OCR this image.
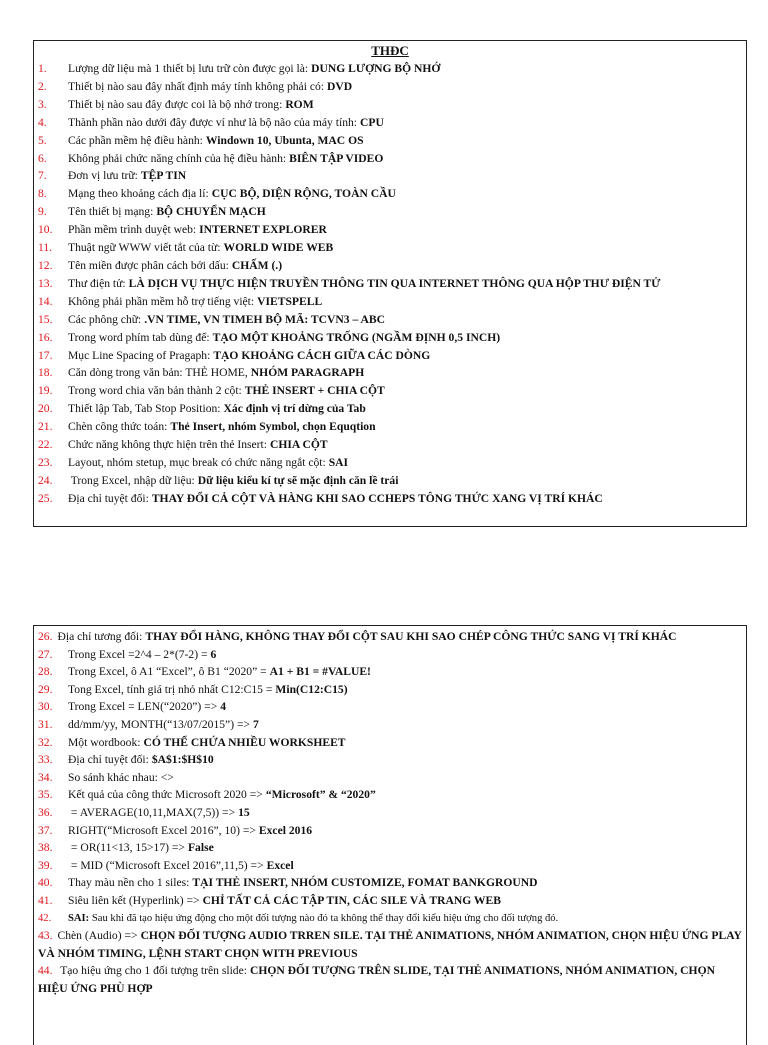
THĐC
1. Lượng dữ liệu mà 1 thiết bị lưu trữ còn được gọi là: DUNG LƯỢNG BỘ NHỚ
2. Thiết bị nào sau đây nhất định máy tính không phải có: DVD
3. Thiết bị nào sau đây được coi là bộ nhớ trong: ROM
4. Thành phần nào dưới đây được ví như là bộ não của máy tính: CPU
5. Các phần mềm hệ điều hành: Windown 10, Ubunta, MAC OS
6. Không phải chức năng chính của hệ điều hành: BIÊN TẬP VIDEO
7. Đơn vị lưu trữ: TỆP TIN
8. Mạng theo khoảng cách địa lí: CỤC BỘ, DIỆN RỘNG, TOÀN CẦU
9. Tên thiết bị mạng: BỘ CHUYỂN MẠCH
10. Phần mềm trình duyệt web: INTERNET EXPLORER
11. Thuật ngữ WWW viết tắt của từ: WORLD WIDE WEB
12. Tên miền được phân cách bởi dấu: CHẤM (.)
13. Thư điện tử: LÀ DỊCH VỤ THỰC HIỆN TRUYỀN THÔNG TIN QUA INTERNET THÔNG QUA HỘP THƯ ĐIỆN TỬ
14. Không phải phần mềm hỗ trợ tiếng việt: VIETSPELL
15. Các phông chữ: .VN TIME, VN TIMEH BỘ MÃ: TCVN3 – ABC
16. Trong word phím tab dùng để: TẠO MỘT KHOẢNG TRỐNG (NGẦM ĐỊNH 0,5 INCH)
17. Mục Line Spacing of Pragaph: TẠO KHOẢNG CÁCH GIỮA CÁC DÒNG
18. Căn dòng trong văn bản: THẺ HOME, NHÓM PARAGRAPH
19. Trong word chia văn bản thành 2 cột: THẺ INSERT + CHIA CỘT
20. Thiết lập Tab, Tab Stop Position: Xác định vị trí dừng của Tab
21. Chèn công thức toán: Thẻ Insert, nhóm Symbol, chọn Equqtion
22. Chức năng không thực hiện trên thẻ Insert: CHIA CỘT
23. Layout, nhóm stetup, mục break có chức năng ngắt cột: SAI
24. Trong Excel, nhập dữ liệu: Dữ liệu kiểu kí tự sẽ mặc định căn lề trái
25. Địa chỉ tuyệt đối: THAY ĐỔI CẢ CỘT VÀ HÀNG KHI SAO CCHEPS TÔNG THỨC XANG VỊ TRÍ KHÁC
26. Địa chỉ tương đối: THAY ĐỔI HÀNG, KHÔNG THAY ĐỔI CỘT SAU KHI SAO CHÉP CÔNG THỨC SANG VỊ TRÍ KHÁC
27. Trong Excel =2^4 – 2*(7-2) = 6
28. Trong Excel, ô A1 “Excel”, ô B1 “2020” = A1 + B1 = #VALUE!
29. Tong Excel, tính giá trị nhỏ nhất C12:C15 = Min(C12:C15)
30. Trong Excel = LEN(“2020”) => 4
31. dd/mm/yy, MONTH(“13/07/2015”) => 7
32. Một wordbook: CÓ THỂ CHỨA NHIỀU WORKSHEET
33. Địa chỉ tuyệt đối: $A$1:$H$10
34. So sánh khác nhau: <>
35. Kết quả của công thức Microsoft 2020 => “Microsoft” & “2020”
36. = AVERAGE(10,11,MAX(7,5)) => 15
37. RIGHT(“Microsoft Excel 2016”, 10) => Excel 2016
38. = OR(11<13, 15>17) => False
39. = MID (“Microsoft Excel 2016”,11,5) => Excel
40. Thay màu nền cho 1 siles: TẠI THẺ INSERT, NHÓM CUSTOMIZE, FOMAT BANKGROUND
41. Siêu liên kết (Hyperlink) => CHỈ TẤT CẢ CÁC TẬP TIN, CÁC SILE VÀ TRANG WEB
42. SAI: Sau khi đã tạo hiệu ứng động cho một đối tượng nào đó ta không thể thay đổi kiểu hiệu ứng cho đối tượng đó.
43. Chèn (Audio) => CHỌN ĐỐI TƯỢNG AUDIO TRREN SILE. TẠI THẺ ANIMATIONS, NHÓM ANIMATION, CHỌN HIỆU ỨNG PLAY VÀ NHÓM TIMING, LỆNH START CHỌN WITH PREVIOUS
44. Tạo hiệu ứng cho 1 đối tượng trên slide: CHỌN ĐỐI TƯỢNG TRÊN SLIDE, TẠI THẺ ANIMATIONS, NHÓM ANIMATION, CHỌN HIỆU ỨNG PHÙ HỢP
